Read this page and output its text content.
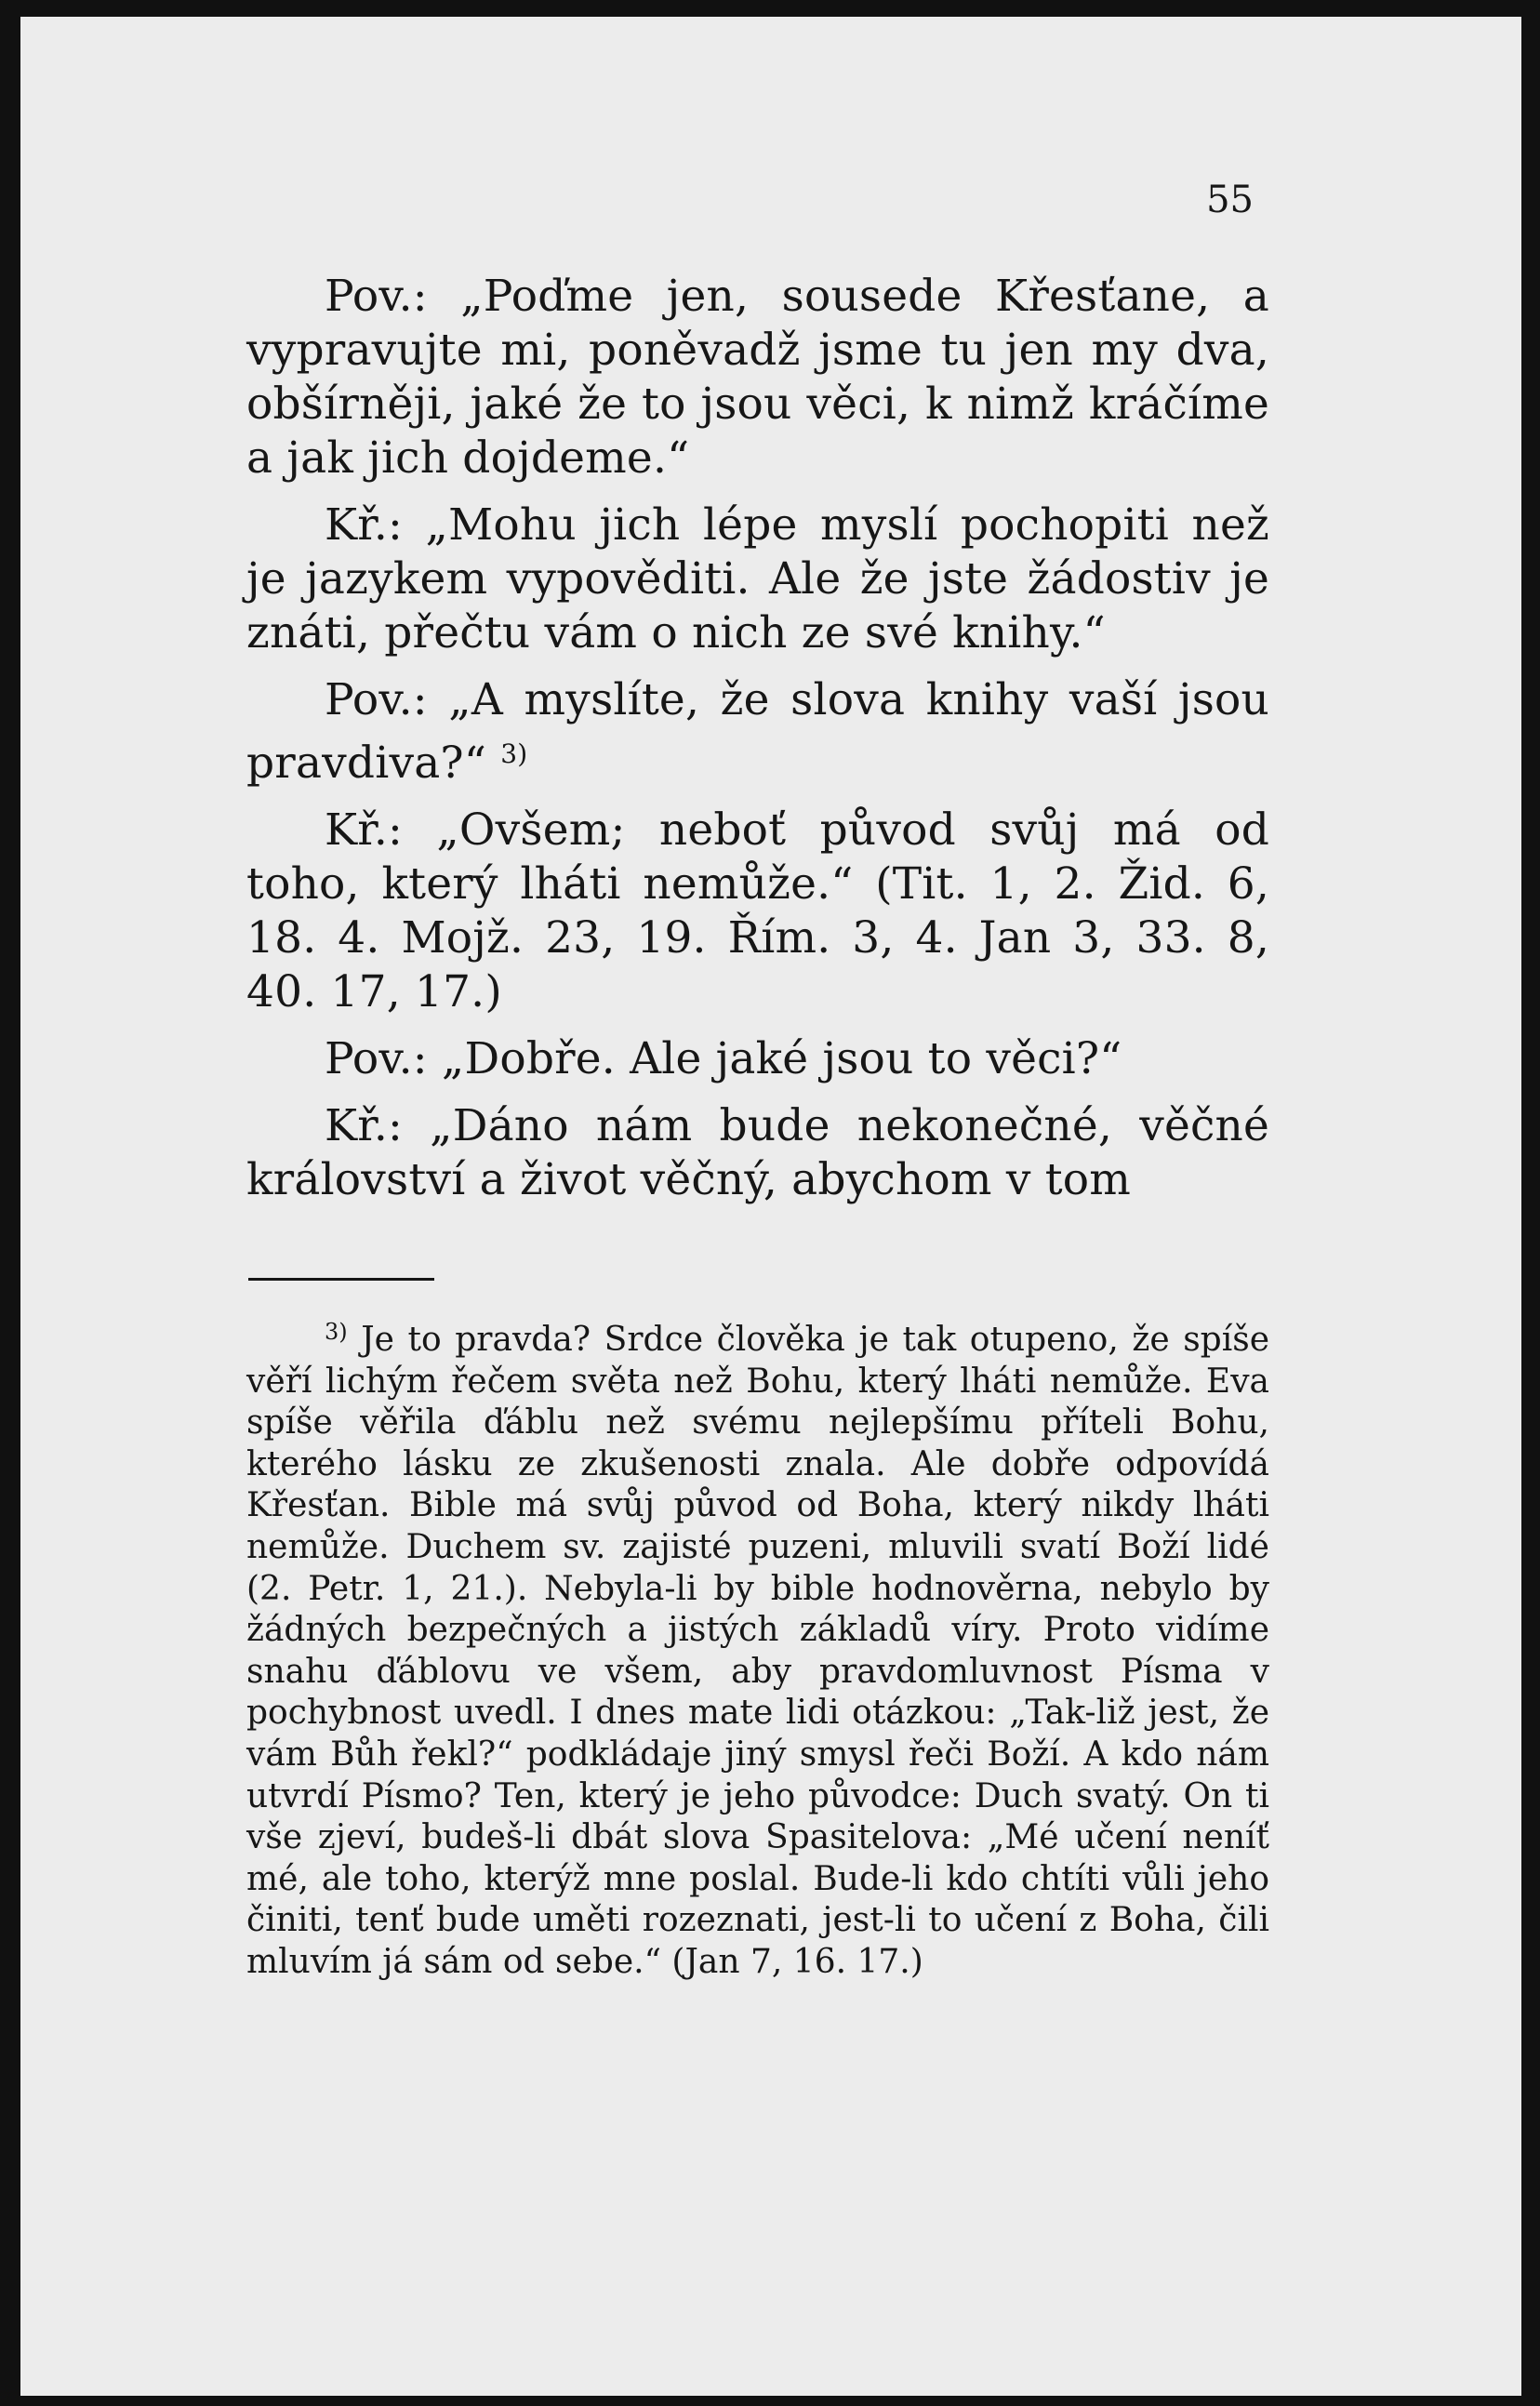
55

Pov.: „Poďme jen, sousede Křesťane, a vypravujte mi, poněvadž jsme tu jen my dva, obšírněji, jaké že to jsou věci, k nimž kráčíme a jak jich dojdeme.“

Kř.: „Mohu jich lépe myslí pochopiti než je jazykem vypověditi. Ale že jste žádostiv je znáti, přečtu vám o nich ze své knihy.“

Pov.: „A myslíte, že slova knihy vaší jsou pravdiva?“ $^{3)}$

Kř.: „Ovšem; neboť původ svůj má od toho, který lháti nemůže.“ (Tit. 1, 2. Žid. 6, 18. 4. Mojž. 23, 19. Řím. 3, 4. Jan 3, 33. 8, 40. 17, 17.)

Pov.: „Dobře. Ale jaké jsou to věci?“

Kř.: „Dáno nám bude nekonečné, věčné království a život věčný, abychom v tom

$^{3)}$ Je to pravda? Srdce člověka je tak otupeno, že spíše věří lichým řečem světa než Bohu, který lháti nemůže. Eva spíše věřila ďáblu než svému nejlepšímu příteli Bohu, kterého lásku ze zkušenosti znala. Ale dobře odpovídá Křesťan. Bible má svůj původ od Boha, který nikdy lháti nemůže. Duchem sv. zajisté puzeni, mluvili svatí Boží lidé (2. Petr. 1, 21.). Nebyla-li by bible hodnověrna, nebylo by žádných bezpečných a jistých základů víry. Proto vidíme snahu ďáblovu ve všem, aby pravdomluvnost Písma v pochybnost uvedl. I dnes mate lidi otázkou: „Tak-liž jest, že vám Bůh řekl?“ podkládaje jiný smysl řeči Boží. A kdo nám utvrdí Písmo? Ten, který je jeho původce: Duch svatý. On ti vše zjeví, budeš-li dbát slova Spasitelova: „Mé učení neníť mé, ale toho, kterýž mne poslal. Bude-li kdo chtíti vůli jeho činiti, tenť bude uměti rozeznati, jest-li to učení z Boha, čili mluvím já sám od sebe.“ (Jan 7, 16. 17.)
